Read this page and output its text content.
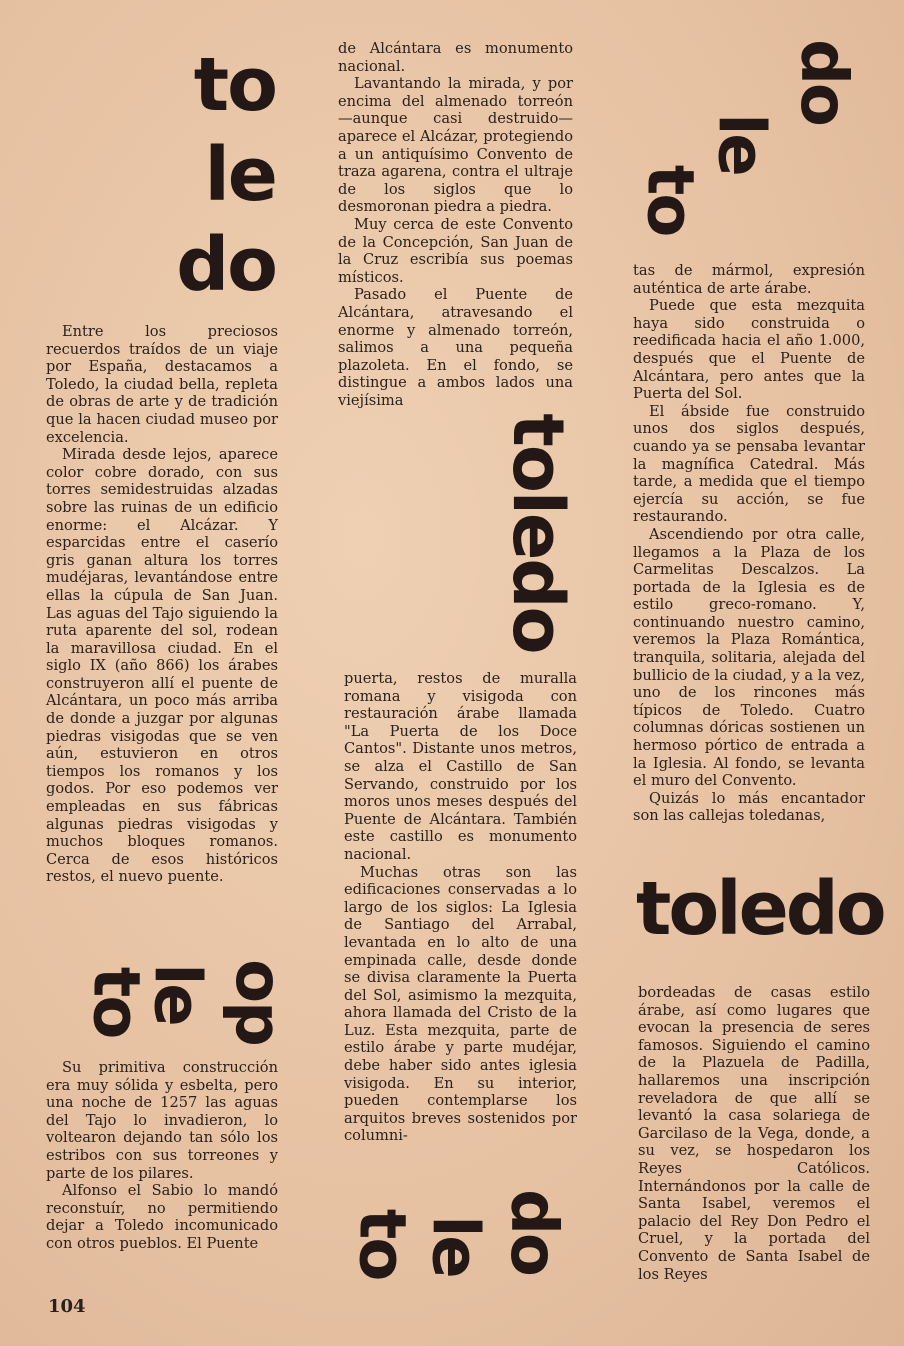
to
le
do

Entre los preciosos recuerdos traídos de un viaje por España, destacamos a Toledo, la ciudad bella, repleta de obras de arte y de tradición que la hacen ciudad museo por excelencia.

Mirada desde lejos, aparece color cobre dorado, con sus torres semidestruidas alzadas sobre las ruinas de un edificio enorme: el Alcázar. Y esparcidas entre el caserío gris ganan altura los torres mudéjaras, levantándose entre ellas la cúpula de San Juan. Las aguas del Tajo siguiendo la ruta aparente del sol, rodean la maravillosa ciudad. En el siglo IX (año 866) los árabes construyeron allí el puente de Alcántara, un poco más arriba de donde a juzgar por algunas piedras visigodas que se ven aún, estuvieron en otros tiempos los romanos y los godos. Por eso podemos ver empleadas en sus fábricas algunas piedras visigodas y muchos bloques romanos. Cerca de esos históricos restos, el nuevo puente.

to
le do

Su primitiva construcción era muy sólida y esbelta, pero una noche de 1257 las aguas del Tajo lo invadieron, lo voltearon dejando tan sólo los estribos con sus torreones y parte de los pilares.

Alfonso el Sabio lo mandó reconstuír, no permitiendo dejar a Toledo incomunicado con otros pueblos. El Puente

de Alcántara es monumento nacional.

Lavantando la mirada, y por encima del almenado torreón —aunque casi destruido— aparece el Alcázar, protegiendo a un antiquísimo Convento de traza agarena, contra el ultraje de los siglos que lo desmoronan piedra a piedra.

Muy cerca de este Convento de la Concepción, San Juan de la Cruz escribía sus poemas místicos.

Pasado el Puente de Alcántara, atravesando el enorme y almenado torreón, salimos a una pequeña plazoleta. En el fondo, se distingue a ambos lados una viejísima

toledo

puerta, restos de muralla romana y visigoda con restauración árabe llamada "La Puerta de los Doce Cantos". Distante unos metros, se alza el Castillo de San Servando, construido por los moros unos meses después del Puente de Alcántara. También este castillo es monumento nacional.

Muchas otras son las edificaciones conservadas a lo largo de los siglos: La Iglesia de Santiago del Arrabal, levantada en lo alto de una empinada calle, desde donde se divisa claramente la Puerta del Sol, asimismo la mezquita, ahora llamada del Cristo de la Luz. Esta mezquita, parte de estilo árabe y parte mudéjar, debe haber sido antes iglesia visigoda. En su interior, pueden contemplarse los arquitos breves sostenidos por columni-

to le do
to
le
do

tas de mármol, expresión auténtica de arte árabe.

Puede que esta mezquita haya sido construida o reedificada hacia el año 1.000, después que el Puente de Alcántara, pero antes que la Puerta del Sol.

El ábside fue construido unos dos siglos después, cuando ya se pensaba levantar la magnífica Catedral. Más tarde, a medida que el tiempo ejercía su acción, se fue restaurando.

Ascendiendo por otra calle, llegamos a la Plaza de los Carmelitas Descalzos. La portada de la Iglesia es de estilo greco-romano. Y, continuando nuestro camino, veremos la Plaza Romántica, tranquila, solitaria, alejada del bullicio de la ciudad, y a la vez, uno de los rincones más típicos de Toledo. Cuatro columnas dóricas sostienen un hermoso pórtico de entrada a la Iglesia. Al fondo, se levanta el muro del Convento.

Quizás lo más encantador son las callejas toledanas,

toledo

bordeadas de casas estilo árabe, así como lugares que evocan la presencia de seres famosos. Siguiendo el camino de la Plazuela de Padilla, hallaremos una inscripción reveladora de que allí se levantó la casa solariega de Garcilaso de la Vega, donde, a su vez, se hospedaron los Reyes Católicos. Internándonos por la calle de Santa Isabel, veremos el palacio del Rey Don Pedro el Cruel, y la portada del Convento de Santa Isabel de los Reyes

104
